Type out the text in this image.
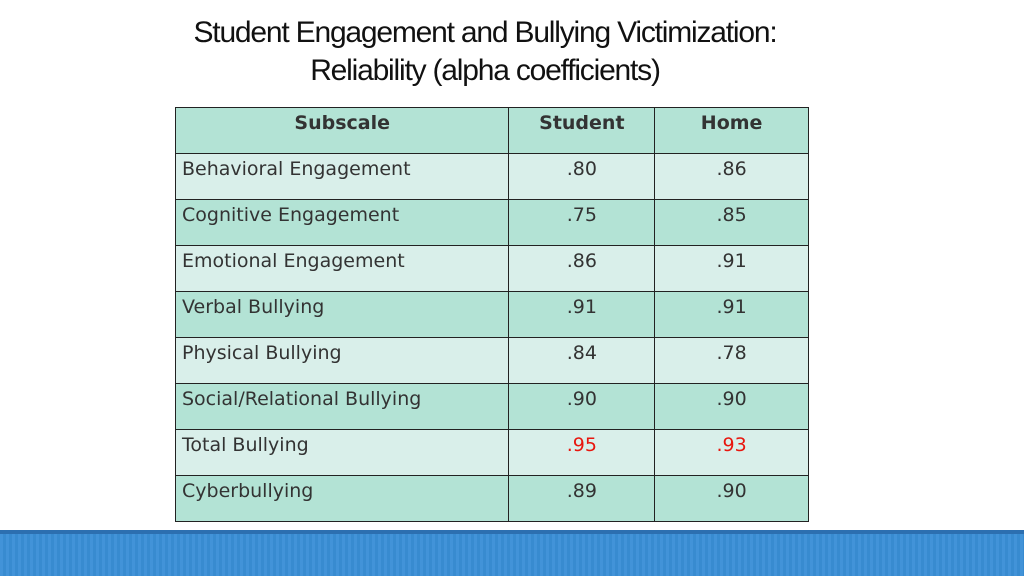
Student Engagement and Bullying Victimization:
Reliability (alpha coefficients)
Subscale	Student	Home
Behavioral Engagement	.80	.86
Cognitive Engagement	.75	.85
Emotional Engagement	.86	.91
Verbal Bullying	.91	.91
Physical Bullying	.84	.78
Social/Relational Bullying	.90	.90
Total Bullying	.95	.93
Cyberbullying	.89	.90
